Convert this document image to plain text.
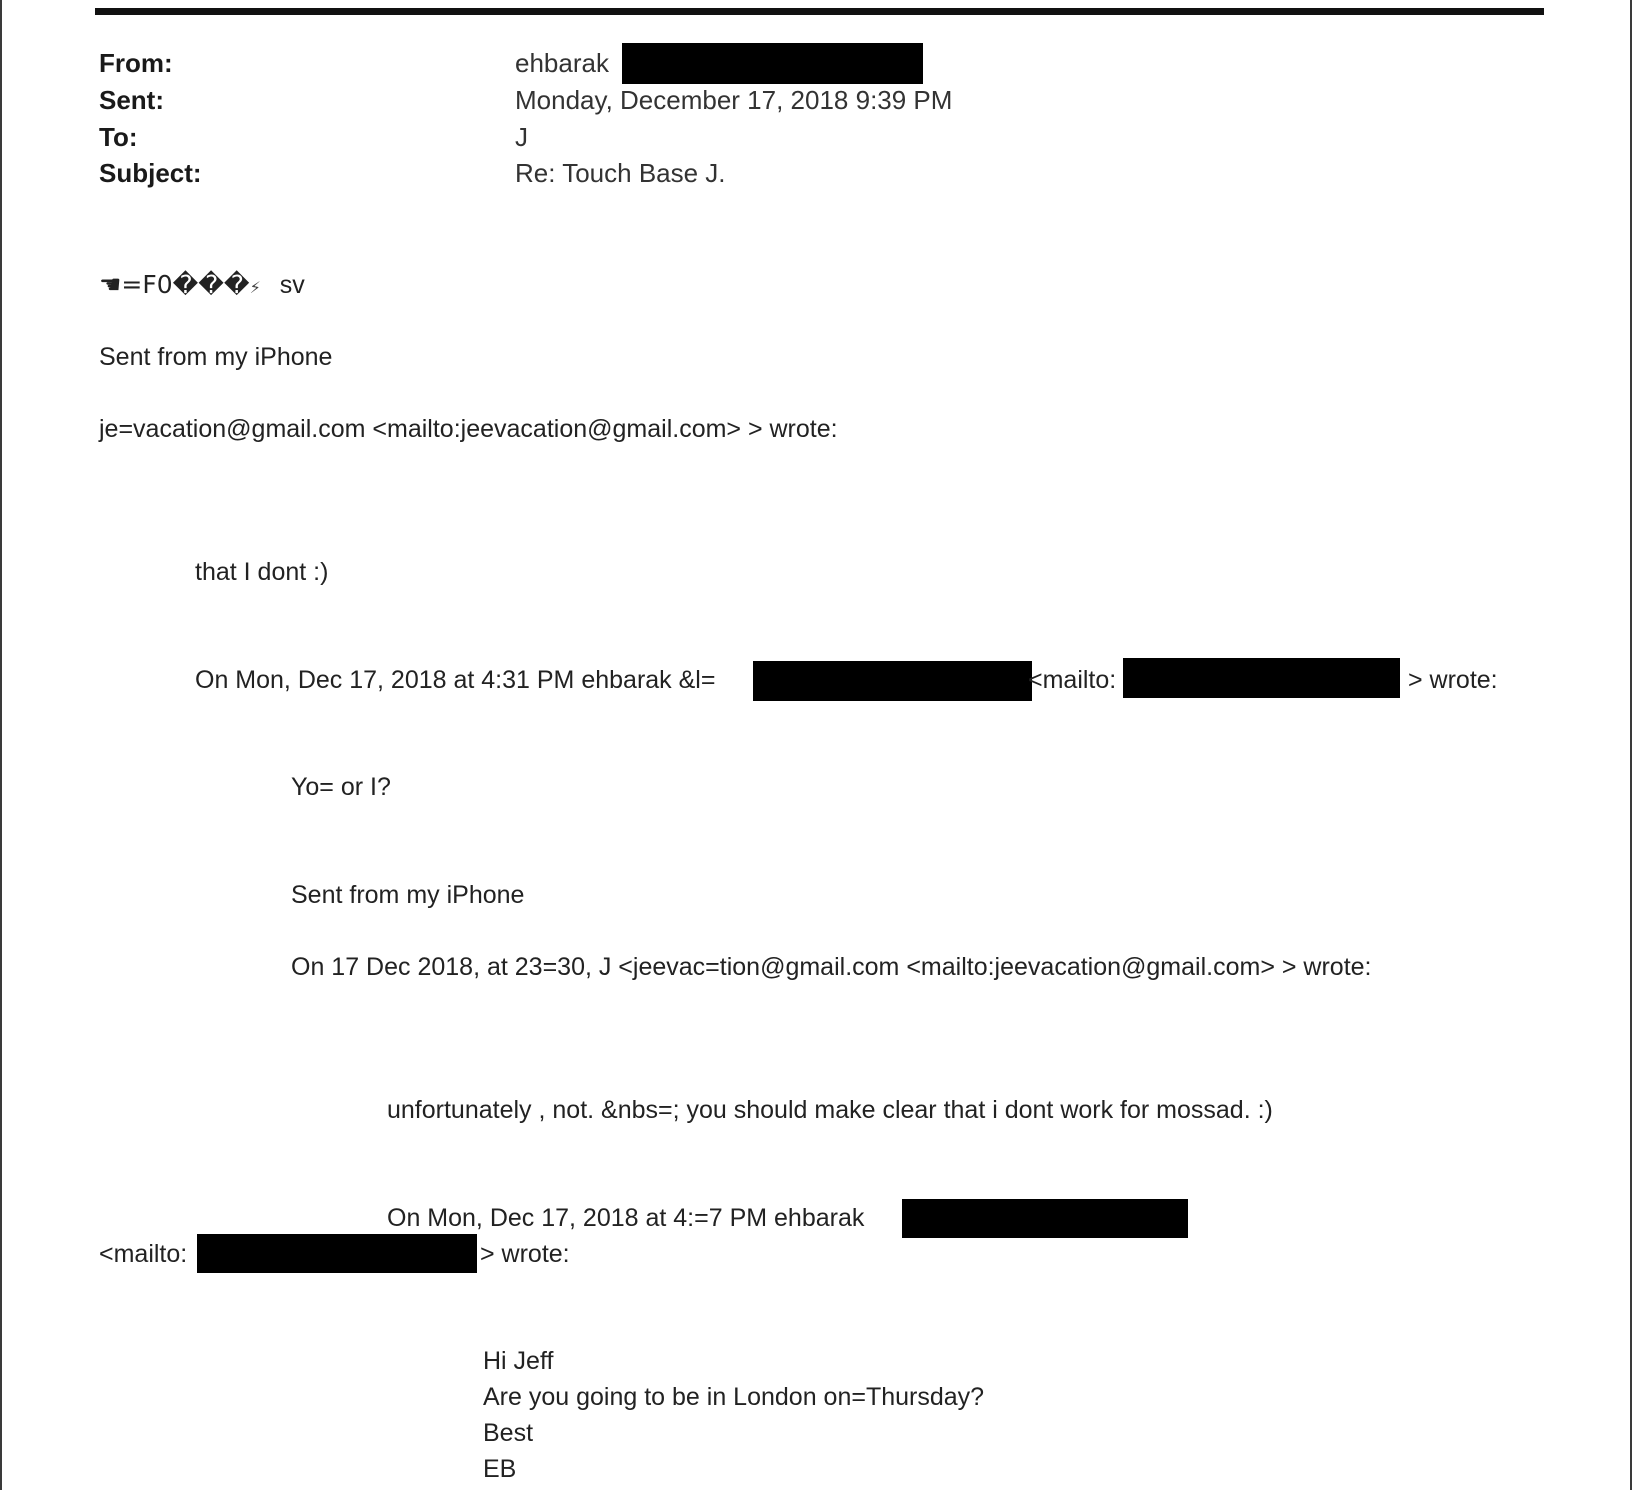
From:	ehbarak
Sent:	Monday, December 17, 2018 9:39 PM
To:	J
Subject:	Re: Touch Base J.
☚=F0���⚡ sv
Sent from my iPhone
je=vacation@gmail.com <mailto:jeevacation@gmail.com> > wrote:
that I dont :)
On Mon, Dec 17, 2018 at 4:31 PM ehbarak &l=	<mailto:	> wrote:
Yo= or I?
Sent from my iPhone
On 17 Dec 2018, at 23=30, J <jeevac=tion@gmail.com <mailto:jeevacation@gmail.com> > wrote:
unfortunately , not. &nbs=; you should make clear that i dont work for mossad. :)
On Mon, Dec 17, 2018 at 4:=7 PM ehbarak
<mailto:	> wrote:
Hi Jeff
Are you going to be in London on=Thursday?
Best
EB
